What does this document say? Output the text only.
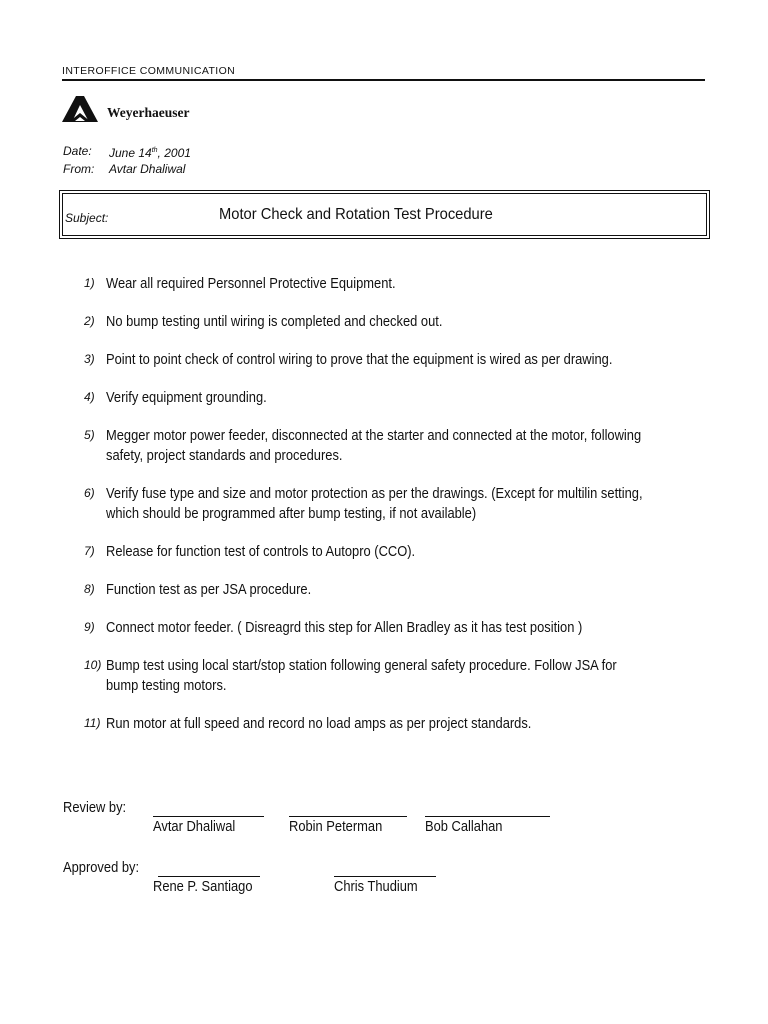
INTEROFFICE COMMUNICATION
Weyerhaeuser
Date:	June 14th, 2001
From:	Avtar Dhaliwal
Subject:	Motor Check and Rotation Test Procedure
1) Wear all required Personnel Protective Equipment.
2) No bump testing until wiring is completed and checked out.
3) Point to point check of control wiring to prove that the equipment is wired as per drawing.
4) Verify equipment grounding.
5) Megger motor power feeder, disconnected at the starter and connected at the motor, following safety, project standards and procedures.
6) Verify fuse type and size and motor protection as per the drawings. (Except for multilin setting, which should be programmed after bump testing, if not available)
7) Release for function test of controls to Autopro (CCO).
8) Function test as per JSA procedure.
9) Connect motor feeder. ( Disreagrd this step for Allen Bradley as it has test position )
10) Bump test using local start/stop station following general safety procedure. Follow JSA for bump testing motors.
11) Run motor at full speed and record no load amps as per project standards.
Review by:
Avtar Dhaliwal	Robin Peterman	Bob Callahan
Approved by:
Rene P. Santiago	Chris Thudium
